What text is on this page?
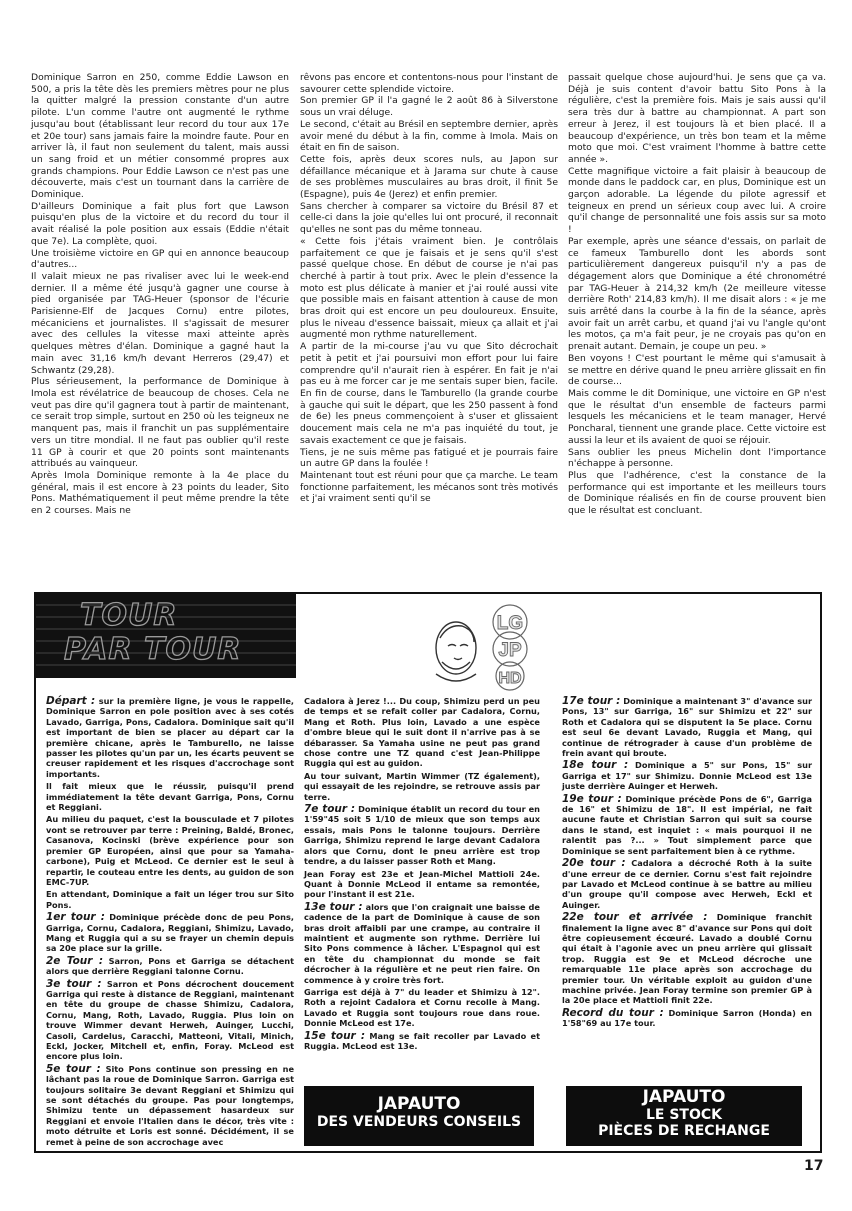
Dominique Sarron en 250, comme Eddie Lawson en 500, a pris la tête dès les premiers mètres pour ne plus la quitter malgré la pression constante d'un autre pilote. L'un comme l'autre ont augmenté le rythme jusqu'au bout (établissant leur record du tour aux 17e et 20e tour) sans jamais faire la moindre faute. Pour en arriver là, il faut non seulement du talent, mais aussi un sang froid et un métier consommé propres aux grands champions. Pour Eddie Lawson ce n'est pas une découverte, mais c'est un tournant dans la carrière de Dominique.

D'ailleurs Dominique a fait plus fort que Lawson puisqu'en plus de la victoire et du record du tour il avait réalisé la pole position aux essais (Eddie n'était que 7e). La complète, quoi.

Une troisième victoire en GP qui en annonce beaucoup d'autres...

Il valait mieux ne pas rivaliser avec lui le week-end dernier. Il a même été jusqu'à gagner une course à pied organisée par TAG-Heuer (sponsor de l'écurie Parisienne-Elf de Jacques Cornu) entre pilotes, mécaniciens et journalistes. Il s'agissait de mesurer avec des cellules la vitesse maxi atteinte après quelques mètres d'élan. Dominique a gagné haut la main avec 31,16 km/h devant Herreros (29,47) et Schwantz (29,28).

Plus sérieusement, la performance de Dominique à Imola est révélatrice de beaucoup de choses. Cela ne veut pas dire qu'il gagnera tout à partir de maintenant, ce serait trop simple, surtout en 250 où les teigneux ne manquent pas, mais il franchit un pas supplémentaire vers un titre mondial. Il ne faut pas oublier qu'il reste 11 GP à courir et que 20 points sont maintenants attribués au vainqueur.

Après Imola Dominique remonte à la 4e place du général, mais il est encore à 23 points du leader, Sito Pons. Mathématiquement il peut même prendre la tête en 2 courses. Mais ne

rêvons pas encore et contentons-nous pour l'instant de savourer cette splendide victoire.

Son premier GP il l'a gagné le 2 août 86 à Silverstone sous un vrai déluge.

Le second, c'était au Brésil en septembre dernier, après avoir mené du début à la fin, comme à Imola. Mais on était en fin de saison.

Cette fois, après deux scores nuls, au Japon sur défaillance mécanique et à Jarama sur chute à cause de ses problèmes musculaires au bras droit, il finit 5e (Espagne), puis 4e (Jerez) et enfin premier.

Sans chercher à comparer sa victoire du Brésil 87 et celle-ci dans la joie qu'elles lui ont procuré, il reconnait qu'elles ne sont pas du même tonneau.

« Cette fois j'étais vraiment bien. Je contrôlais parfaitement ce que je faisais et je sens qu'il s'est passé quelque chose. En début de course je n'ai pas cherché à partir à tout prix. Avec le plein d'essence la moto est plus délicate à manier et j'ai roulé aussi vite que possible mais en faisant attention à cause de mon bras droit qui est encore un peu douloureux. Ensuite, plus le niveau d'essence baissait, mieux ça allait et j'ai augmenté mon rythme naturellement.

A partir de la mi-course j'au vu que Sito décrochait petit à petit et j'ai poursuivi mon effort pour lui faire comprendre qu'il n'aurait rien à espérer. En fait je n'ai pas eu à me forcer car je me sentais super bien, facile. En fin de course, dans le Tamburello (la grande courbe à gauche qui suit le départ, que les 250 passent à fond de 6e) les pneus commençoient à s'user et glissaient doucement mais cela ne m'a pas inquiété du tout, je savais exactement ce que je faisais.

Tiens, je ne suis même pas fatigué et je pourrais faire un autre GP dans la foulée !

Maintenant tout est réuni pour que ça marche. Le team fonctionne parfaitement, les mécanos sont très motivés et j'ai vraiment senti qu'il se

passait quelque chose aujourd'hui. Je sens que ça va. Déjà je suis content d'avoir battu Sito Pons à la régulière, c'est la première fois. Mais je sais aussi qu'il sera très dur à battre au championnat. A part son erreur à Jerez, il est toujours là et bien placé. Il a beaucoup d'expérience, un très bon team et la même moto que moi. C'est vraiment l'homme à battre cette année ».

Cette magnifique victoire a fait plaisir à beaucoup de monde dans le paddock car, en plus, Dominique est un garçon adorable. La légende du pilote agressif et teigneux en prend un sérieux coup avec lui. A croire qu'il change de personnalité une fois assis sur sa moto !

Par exemple, après une séance d'essais, on parlait de ce fameux Tamburello dont les abords sont particulièrement dangereux puisqu'il n'y a pas de dégagement alors que Dominique a été chronométré par TAG-Heuer à 214,32 km/h (2e meilleure vitesse derrière Roth' 214,83 km/h). Il me disait alors : « je me suis arrêté dans la courbe à la fin de la séance, après avoir fait un arrêt carbu, et quand j'ai vu l'angle qu'ont les motos, ça m'a fait peur, je ne croyais pas qu'on en prenait autant. Demain, je coupe un peu. »

Ben voyons ! C'est pourtant le même qui s'amusait à se mettre en dérive quand le pneu arrière glissait en fin de course...

Mais comme le dit Dominique, une victoire en GP n'est que le résultat d'un ensemble de facteurs parmi lesquels les mécaniciens et le team manager, Hervé Poncharal, tiennent une grande place. Cette victoire est aussi la leur et ils avaient de quoi se réjouir.

Sans oublier les pneus Michelin dont l'importance n'échappe à personne.

Plus que l'adhérence, c'est la constance de la performance qui est importante et les meilleurs tours de Dominique réalisés en fin de course prouvent bien que le résultat est concluant.

TOUR
PAR TOUR
LG
JP
HD

Départ : sur la première ligne, je vous le rappelle, Dominique Sarron en pole position avec à ses cotés Lavado, Garriga, Pons, Cadalora. Dominique sait qu'il est important de bien se placer au départ car la première chicane, après le Tamburello, ne laisse passer les pilotes qu'un par un, les écarts peuvent se creuser rapidement et les risques d'accrochage sont importants.

Il fait mieux que le réussir, puisqu'il prend immédiatement la tête devant Garriga, Pons, Cornu et Reggiani.

Au milieu du paquet, c'est la bousculade et 7 pilotes vont se retrouver par terre : Preining, Baldé, Bronec, Casanova, Kocinski (brève expérience pour son premier GP Européen, ainsi que pour sa Yamaha-carbone), Puig et McLeod. Ce dernier est le seul à repartir, le couteau entre les dents, au guidon de son EMC-7UP.

En attendant, Dominique a fait un léger trou sur Sito Pons.

1er tour : Dominique précède donc de peu Pons, Garriga, Cornu, Cadalora, Reggiani, Shimizu, Lavado, Mang et Ruggia qui a su se frayer un chemin depuis sa 20e place sur la grille.

2e Tour : Sarron, Pons et Garriga se détachent alors que derrière Reggiani talonne Cornu.

3e tour : Sarron et Pons décrochent doucement Garriga qui reste à distance de Reggiani, maintenant en tête du groupe de chasse Shimizu, Cadalora, Cornu, Mang, Roth, Lavado, Ruggia. Plus loin on trouve Wimmer devant Herweh, Auinger, Lucchi, Casoli, Cardelus, Caracchi, Matteoni, Vitali, Minich, Eckl, Jocker, Mitchell et, enfin, Foray. McLeod est encore plus loin.

5e tour : Sito Pons continue son pressing en ne lâchant pas la roue de Dominique Sarron. Garriga est toujours solitaire 3e devant Reggiani et Shimizu qui se sont détachés du groupe. Pas pour longtemps, Shimizu tente un dépassement hasardeux sur Reggiani et envoie l'Italien dans le décor, très vite : moto détruite et Loris est sonné. Décidément, il se remet à peine de son accrochage avec

Cadalora à Jerez !... Du coup, Shimizu perd un peu de temps et se refait coller par Cadalora, Cornu, Mang et Roth. Plus loin, Lavado a une espèce d'ombre bleue qui le suit dont il n'arrive pas à se débarasser. Sa Yamaha usine ne peut pas grand chose contre une TZ quand c'est Jean-Philippe Ruggia qui est au guidon.

Au tour suivant, Martin Wimmer (TZ également), qui essayait de les rejoindre, se retrouve assis par terre.

7e tour : Dominique établit un record du tour en 1'59"45 soit 5 1/10 de mieux que son temps aux essais, mais Pons le talonne toujours. Derrière Garriga, Shimizu reprend le large devant Cadalora alors que Cornu, dont le pneu arrière est trop tendre, a du laisser passer Roth et Mang.

Jean Foray est 23e et Jean-Michel Mattioli 24e. Quant à Donnie McLeod il entame sa remontée, pour l'instant il est 21e.

13e tour : alors que l'on craignait une baisse de cadence de la part de Dominique à cause de son bras droit affaibli par une crampe, au contraire il maintient et augmente son rythme. Derrière lui Sito Pons commence à lâcher. L'Espagnol qui est en tête du championnat du monde se fait décrocher à la régulière et ne peut rien faire. On commence à y croire très fort.

Garriga est déjà à 7" du leader et Shimizu à 12". Roth a rejoint Cadalora et Cornu recolle à Mang. Lavado et Ruggia sont toujours roue dans roue. Donnie McLeod est 17e.

15e tour : Mang se fait recoller par Lavado et Ruggia. McLeod est 13e.

17e tour : Dominique a maintenant 3" d'avance sur Pons, 13" sur Garriga, 16" sur Shimizu et 22" sur Roth et Cadalora qui se disputent la 5e place. Cornu est seul 6e devant Lavado, Ruggia et Mang, qui continue de rétrograder à cause d'un problème de frein avant qui broute.

18e tour : Dominique a 5" sur Pons, 15" sur Garriga et 17" sur Shimizu. Donnie McLeod est 13e juste derrière Auinger et Herweh.

19e tour : Dominique précède Pons de 6", Garriga de 16" et Shimizu de 18". Il est impérial, ne fait aucune faute et Christian Sarron qui suit sa course dans le stand, est inquiet : « mais pourquoi il ne ralentit pas ?... » Tout simplement parce que Dominique se sent parfaitement bien à ce rythme.

20e tour : Cadalora a décroché Roth à la suite d'une erreur de ce dernier. Cornu s'est fait rejoindre par Lavado et McLeod continue à se battre au milieu d'un groupe qu'il compose avec Herweh, Eckl et Auinger.

22e tour et arrivée : Dominique franchit finalement la ligne avec 8" d'avance sur Pons qui doit être copieusement écœuré. Lavado a doublé Cornu qui était à l'agonie avec un pneu arrière qui glissait trop. Ruggia est 9e et McLeod décroche une remarquable 11e place après son accrochage du premier tour. Un véritable exploit au guidon d'une machine privée. Jean Foray termine son premier GP à la 20e place et Mattioli finit 22e.

Record du tour : Dominique Sarron (Honda) en 1'58"69 au 17e tour.

JAPAUTO
DES VENDEURS CONSEILS
JAPAUTO
LE STOCK
PIÈCES DE RECHANGE
17
